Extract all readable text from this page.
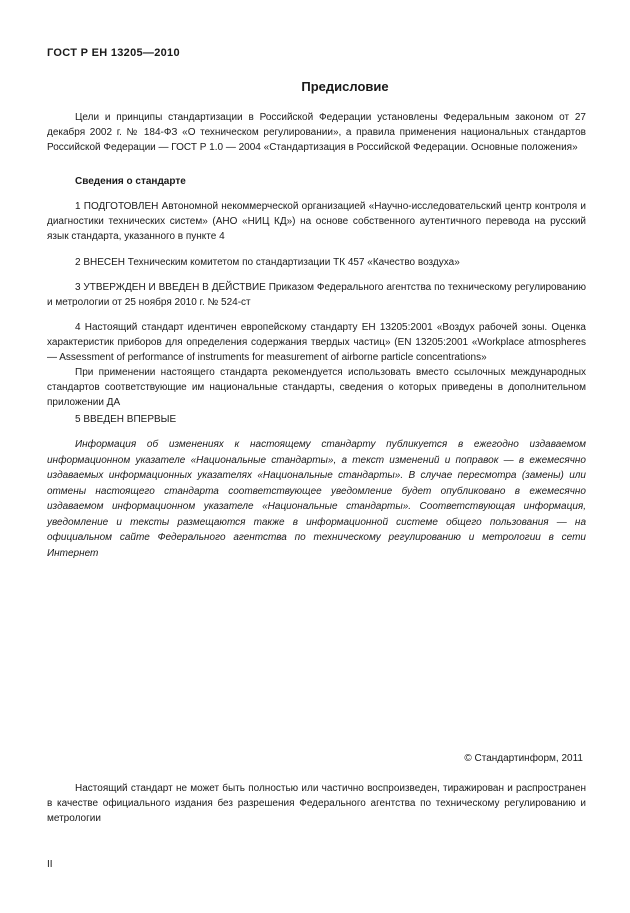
ГОСТ Р ЕН 13205—2010
Предисловие
Цели и принципы стандартизации в Российской Федерации установлены Федеральным законом от 27 декабря 2002 г. № 184-ФЗ «О техническом регулировании», а правила применения национальных стандартов Российской Федерации — ГОСТ Р 1.0 — 2004 «Стандартизация в Российской Федерации. Основные положения»
Сведения о стандарте
1 ПОДГОТОВЛЕН Автономной некоммерческой организацией «Научно-исследовательский центр контроля и диагностики технических систем» (АНО «НИЦ КД») на основе собственного аутентичного перевода на русский язык стандарта, указанного в пункте 4
2 ВНЕСЕН Техническим комитетом по стандартизации ТК 457 «Качество воздуха»
3 УТВЕРЖДЕН И ВВЕДЕН В ДЕЙСТВИЕ Приказом Федерального агентства по техническому регулированию и метрологии от 25 ноября 2010 г. № 524-ст
4 Настоящий стандарт идентичен европейскому стандарту ЕН 13205:2001 «Воздух рабочей зоны. Оценка характеристик приборов для определения содержания твердых частиц» (EN 13205:2001 «Workplace atmospheres — Assessment of performance of instruments for measurement of airborne particle concentrations»
При применении настоящего стандарта рекомендуется использовать вместо ссылочных международных стандартов соответствующие им национальные стандарты, сведения о которых приведены в дополнительном приложении ДА
5 ВВЕДЕН ВПЕРВЫЕ
Информация об изменениях к настоящему стандарту публикуется в ежегодно издаваемом информационном указателе «Национальные стандарты», а текст изменений и поправок — в ежемесячно издаваемых информационных указателях «Национальные стандарты». В случае пересмотра (замены) или отмены настоящего стандарта соответствующее уведомление будет опубликовано в ежемесячно издаваемом информационном указателе «Национальные стандарты». Соответствующая информация, уведомление и тексты размещаются также в информационной системе общего пользования — на официальном сайте Федерального агентства по техническому регулированию и метрологии в сети Интернет
© Стандартинформ, 2011
Настоящий стандарт не может быть полностью или частично воспроизведен, тиражирован и распространен в качестве официального издания без разрешения Федерального агентства по техническому регулированию и метрологии
II
